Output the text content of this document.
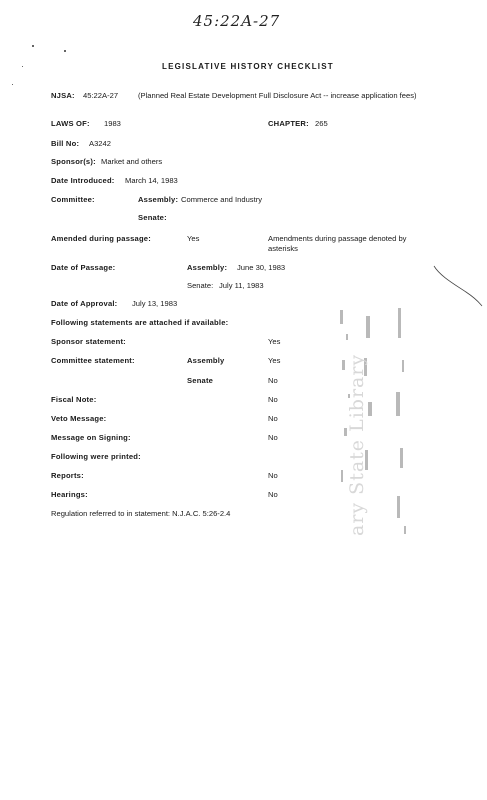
45:22A-27
LEGISLATIVE HISTORY CHECKLIST
NJSA: 45:22A-27	(Planned Real Estate Development Full Disclosure Act -- increase application fees)
LAWS OF: 1983	CHAPTER: 265
Bill No: A3242
Sponsor(s): Market and others
Date Introduced: March 14, 1983
Committee:	Assembly: Commerce and Industry
Senate:
Amended during passage:	Yes	Amendments during passage denoted by asterisks
Date of Passage:	Assembly: June 30, 1983
Senate: July 11, 1983
Date of Approval: July 13, 1983
Following statements are attached if available:
Sponsor statement:	Yes
Committee statement:	Assembly	Yes
Senate	No
Fiscal Note:	No
Veto Message:	No
Message on Signing:	No
Following were printed:
Reports:	No
Hearings:	No
Regulation referred to in statement: N.J.A.C. 5:26-2.4	ary State Library
